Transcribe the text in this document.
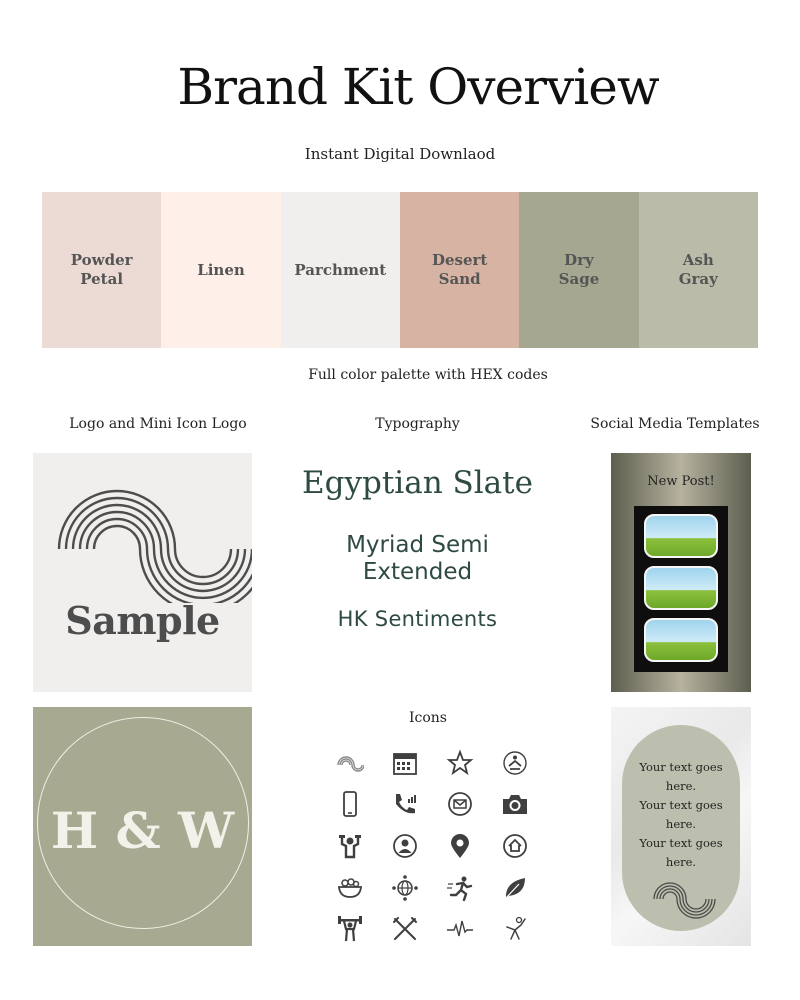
Brand Kit Overview
Instant Digital Downlaod
Powder
Petal
Linen	Parchment
Desert
Sand
Dry
Sage
Ash
Gray
Full color palette with HEX codes
Logo and Mini Icon Logo	Typography	Social Media Templates
Sample
H & W
Egyptian Slate
Myriad Semi Extended
HK Sentiments
New Post!
Your text goes
here.
Your text goes
here.
Your text goes
here.
Icons
